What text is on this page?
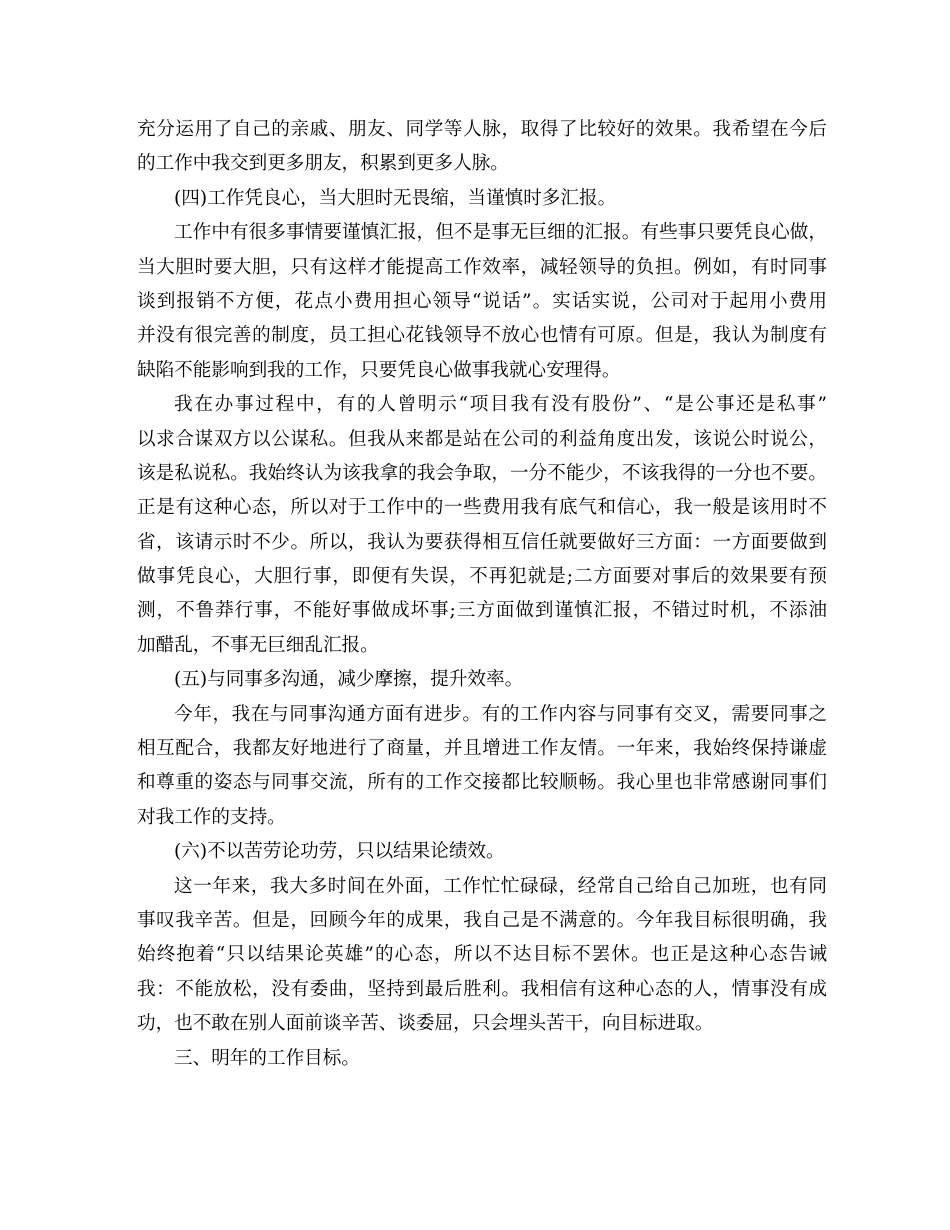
充分运用了自己的亲戚、朋友、同学等人脉，取得了比较好的效果。我希望在今后
的工作中我交到更多朋友，积累到更多人脉。
(四)工作凭良心，当大胆时无畏缩，当谨慎时多汇报。
工作中有很多事情要谨慎汇报，但不是事无巨细的汇报。有些事只要凭良心做，
当大胆时要大胆，只有这样才能提高工作效率，减轻领导的负担。例如，有时同事
谈到报销不方便，花点小费用担心领导“说话”。实话实说，公司对于起用小费用
并没有很完善的制度，员工担心花钱领导不放心也情有可原。但是，我认为制度有
缺陷不能影响到我的工作，只要凭良心做事我就心安理得。
我在办事过程中，有的人曾明示“项目我有没有股份”、“是公事还是私事”
以求合谋双方以公谋私。但我从来都是站在公司的利益角度出发，该说公时说公，
该是私说私。我始终认为该我拿的我会争取，一分不能少，不该我得的一分也不要。
正是有这种心态，所以对于工作中的一些费用我有底气和信心，我一般是该用时不
省，该请示时不少。所以，我认为要获得相互信任就要做好三方面：一方面要做到
做事凭良心，大胆行事，即便有失误，不再犯就是;二方面要对事后的效果要有预
测，不鲁莽行事，不能好事做成坏事;三方面做到谨慎汇报，不错过时机，不添油
加醋乱，不事无巨细乱汇报。
(五)与同事多沟通，减少摩擦，提升效率。
今年，我在与同事沟通方面有进步。有的工作内容与同事有交叉，需要同事之
相互配合，我都友好地进行了商量，并且增进工作友情。一年来，我始终保持谦虚
和尊重的姿态与同事交流，所有的工作交接都比较顺畅。我心里也非常感谢同事们
对我工作的支持。
(六)不以苦劳论功劳，只以结果论绩效。
这一年来，我大多时间在外面，工作忙忙碌碌，经常自己给自己加班，也有同
事叹我辛苦。但是，回顾今年的成果，我自己是不满意的。今年我目标很明确，我
始终抱着“只以结果论英雄”的心态，所以不达目标不罢休。也正是这种心态告诫
我：不能放松，没有委曲，坚持到最后胜利。我相信有这种心态的人，情事没有成
功，也不敢在别人面前谈辛苦、谈委屈，只会埋头苦干，向目标进取。
三、明年的工作目标。
